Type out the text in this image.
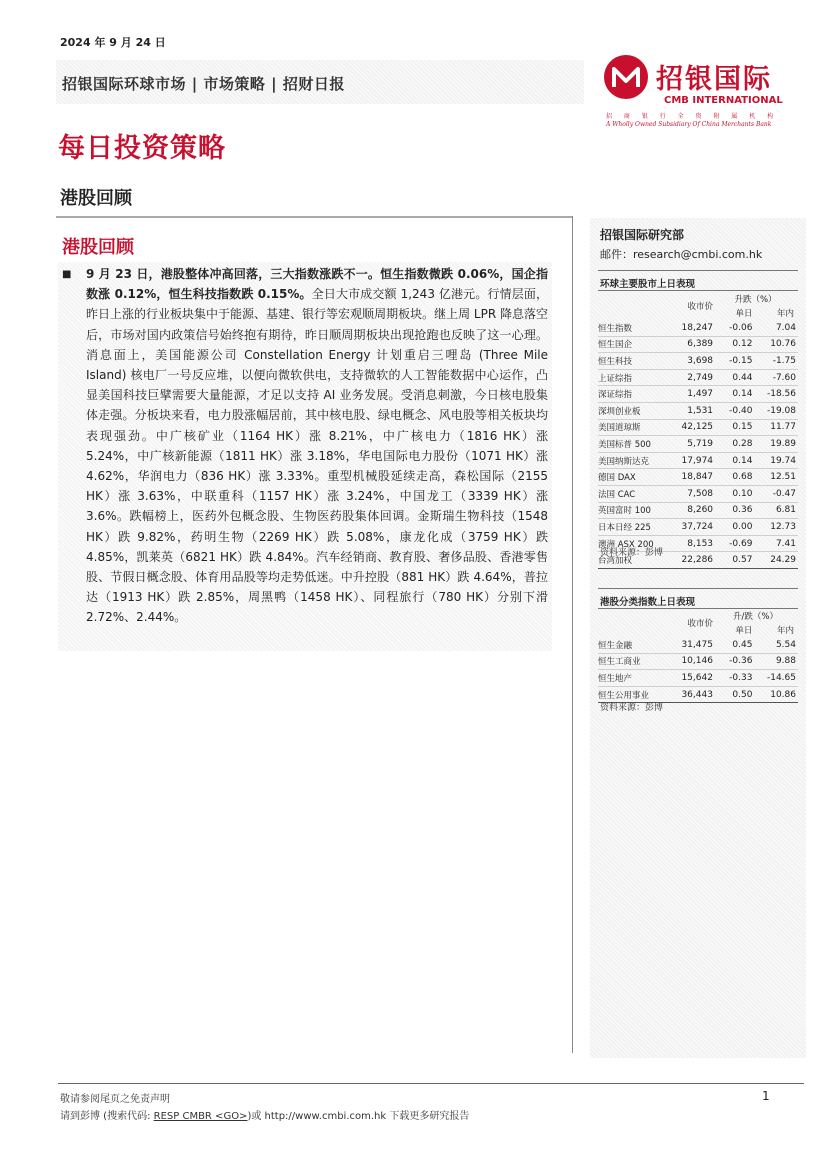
2024 年 9 月 24 日
招银国际环球市场 | 市场策略 | 招财日报	招银国际
CMB INTERNATIONAL
招 商 银 行 全 资 附 属 机 构
A Wholly Owned Subsidiary Of China Merchants Bank
每日投资策略
港股回顾
港股回顾
■ 9 月 23 日，港股整体冲高回落，三大指数涨跌不一。恒生指数微跌 0.06%，国企指数涨 0.12%，恒生科技指数跌 0.15%。全日大市成交额 1,243 亿港元。行情层面，昨日上涨的行业板块集中于能源、基建、银行等宏观顺周期板块。继上周 LPR 降息落空后，市场对国内政策信号始终抱有期待，昨日顺周期板块出现抢跑也反映了这一心理。消息面上，美国能源公司 Constellation Energy 计划重启三哩岛 (Three Mile Island) 核电厂一号反应堆，以便向微软供电，支持微软的人工智能数据中心运作，凸显美国科技巨擘需要大量能源，才足以支持 AI 业务发展。受消息刺激，今日核电股集体走强。分板块来看，电力股涨幅居前，其中核电股、绿电概念、风电股等相关板块均表现强劲。中广核矿业（1164 HK）涨 8.21%，中广核电力（1816 HK）涨 5.24%，中广核新能源（1811 HK）涨 3.18%，华电国际电力股份（1071 HK）涨 4.62%，华润电力（836 HK）涨 3.33%。重型机械股延续走高，森松国际（2155 HK）涨 3.63%，中联重科（1157 HK）涨 3.24%，中国龙工（3339 HK）涨 3.6%。跌幅榜上，医药外包概念股、生物医药股集体回调。金斯瑞生物科技（1548 HK）跌 9.82%，药明生物（2269 HK）跌 5.08%，康龙化成（3759 HK）跌 4.85%，凯莱英（6821 HK）跌 4.84%。汽车经销商、教育股、奢侈品股、香港零售股、节假日概念股、体育用品股等均走势低迷。中升控股（881 HK）跌 4.64%，普拉达（1913 HK）跌 2.85%，周黑鸭（1458 HK）、同程旅行（780 HK）分别下滑 2.72%、2.44%。

招银国际研究部
邮件：research@cmbi.com.hk
环球主要股市上日表现
	收市价	升跌（%）	
		单日	年内
恒生指数	18,247	-0.06	7.04
恒生国企	6,389	0.12	10.76
恒生科技	3,698	-0.15	-1.75
上证综指	2,749	0.44	-7.60
深证综指	1,497	0.14	-18.56
深圳创业板	1,531	-0.40	-19.08
美国道琼斯	42,125	0.15	11.77
美国标普 500	5,719	0.28	19.89
美国纳斯达克	17,974	0.14	19.74
德国 DAX	18,847	0.68	12.51
法国 CAC	7,508	0.10	-0.47
英国富时 100	8,260	0.36	6.81
日本日经 225	37,724	0.00	12.73
澳洲 ASX 200	8,153	-0.69	7.41
台湾加权	22,286	0.57	24.29
资料来源：彭博
港股分类指数上日表现
	收市价	升/跌（%）	
		单日	年内
恒生金融	31,475	0.45	5.54
恒生工商业	10,146	-0.36	9.88
恒生地产	15,642	-0.33	-14.65
恒生公用事业	36,443	0.50	10.86
资料来源：彭博
敬请参阅尾页之免责声明
请到彭博 (搜索代码: RESP CMBR <GO>)或 http://www.cmbi.com.hk 下载更多研究报告
1
